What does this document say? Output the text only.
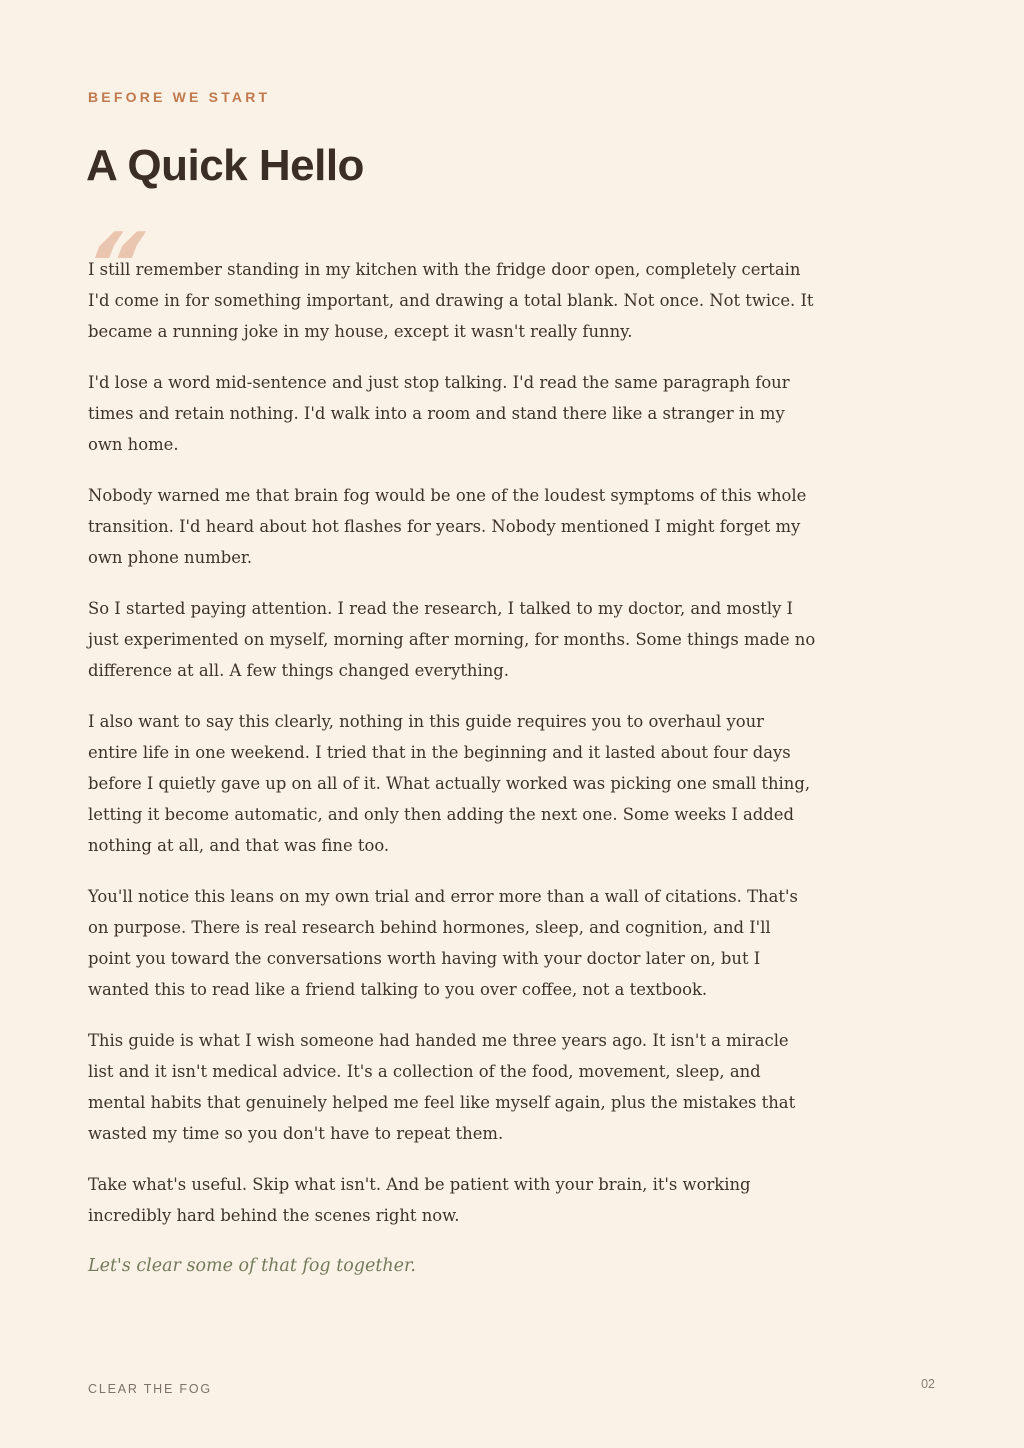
BEFORE WE START
A Quick Hello
“

I still remember standing in my kitchen with the fridge door open, completely certain I'd come in for something important, and drawing a total blank. Not once. Not twice. It became a running joke in my house, except it wasn't really funny.

I'd lose a word mid-sentence and just stop talking. I'd read the same paragraph four times and retain nothing. I'd walk into a room and stand there like a stranger in my own home.

Nobody warned me that brain fog would be one of the loudest symptoms of this whole transition. I'd heard about hot flashes for years. Nobody mentioned I might forget my own phone number.

So I started paying attention. I read the research, I talked to my doctor, and mostly I just experimented on myself, morning after morning, for months. Some things made no difference at all. A few things changed everything.

I also want to say this clearly, nothing in this guide requires you to overhaul your entire life in one weekend. I tried that in the beginning and it lasted about four days before I quietly gave up on all of it. What actually worked was picking one small thing, letting it become automatic, and only then adding the next one. Some weeks I added nothing at all, and that was fine too.

You'll notice this leans on my own trial and error more than a wall of citations. That's on purpose. There is real research behind hormones, sleep, and cognition, and I'll point you toward the conversations worth having with your doctor later on, but I wanted this to read like a friend talking to you over coffee, not a textbook.

This guide is what I wish someone had handed me three years ago. It isn't a miracle list and it isn't medical advice. It's a collection of the food, movement, sleep, and mental habits that genuinely helped me feel like myself again, plus the mistakes that wasted my time so you don't have to repeat them.

Take what's useful. Skip what isn't. And be patient with your brain, it's working incredibly hard behind the scenes right now.

Let's clear some of that fog together.

CLEAR THE FOG	02
